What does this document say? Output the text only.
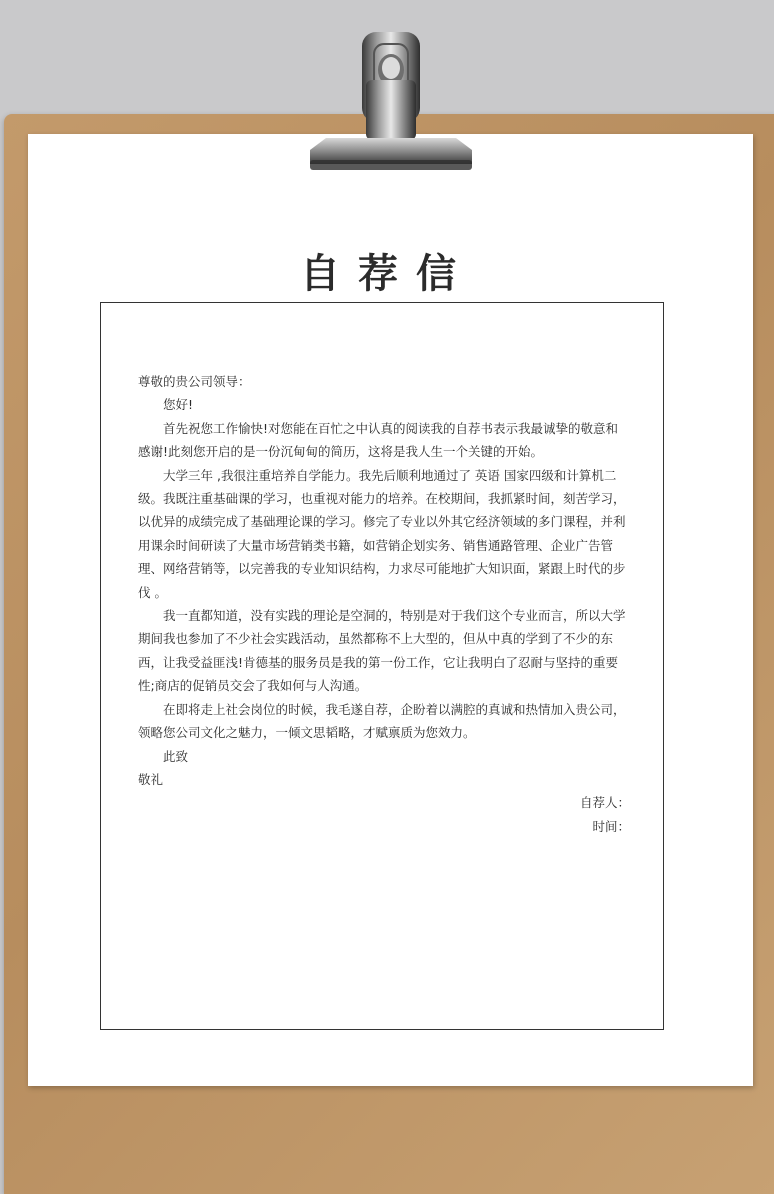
自荐信

尊敬的贵公司领导：

您好!

首先祝您工作愉快!对您能在百忙之中认真的阅读我的自荐书表示我最诚挚的敬意和感谢!此刻您开启的是一份沉甸甸的简历，这将是我人生一个关键的开始。

大学三年 ,我很注重培养自学能力。我先后顺利地通过了 英语 国家四级和计算机二级。我既注重基础课的学习，也重视对能力的培养。在校期间，我抓紧时间，刻苦学习，以优异的成绩完成了基础理论课的学习。修完了专业以外其它经济领域的多门课程，并利用课余时间研读了大量市场营销类书籍，如营销企划实务、销售通路管理、企业广告管理、网络营销等，以完善我的专业知识结构，力求尽可能地扩大知识面，紧跟上时代的步伐 。

我一直都知道，没有实践的理论是空洞的，特别是对于我们这个专业而言，所以大学期间我也参加了不少社会实践活动，虽然都称不上大型的，但从中真的学到了不少的东西，让我受益匪浅!肯德基的服务员是我的第一份工作，它让我明白了忍耐与坚持的重要性;商店的促销员交会了我如何与人沟通。

在即将走上社会岗位的时候，我毛遂自荐，企盼着以满腔的真诚和热情加入贵公司，领略您公司文化之魅力，一倾文思韬略，才赋禀质为您效力。

此致

敬礼

自荐人：

时间：
